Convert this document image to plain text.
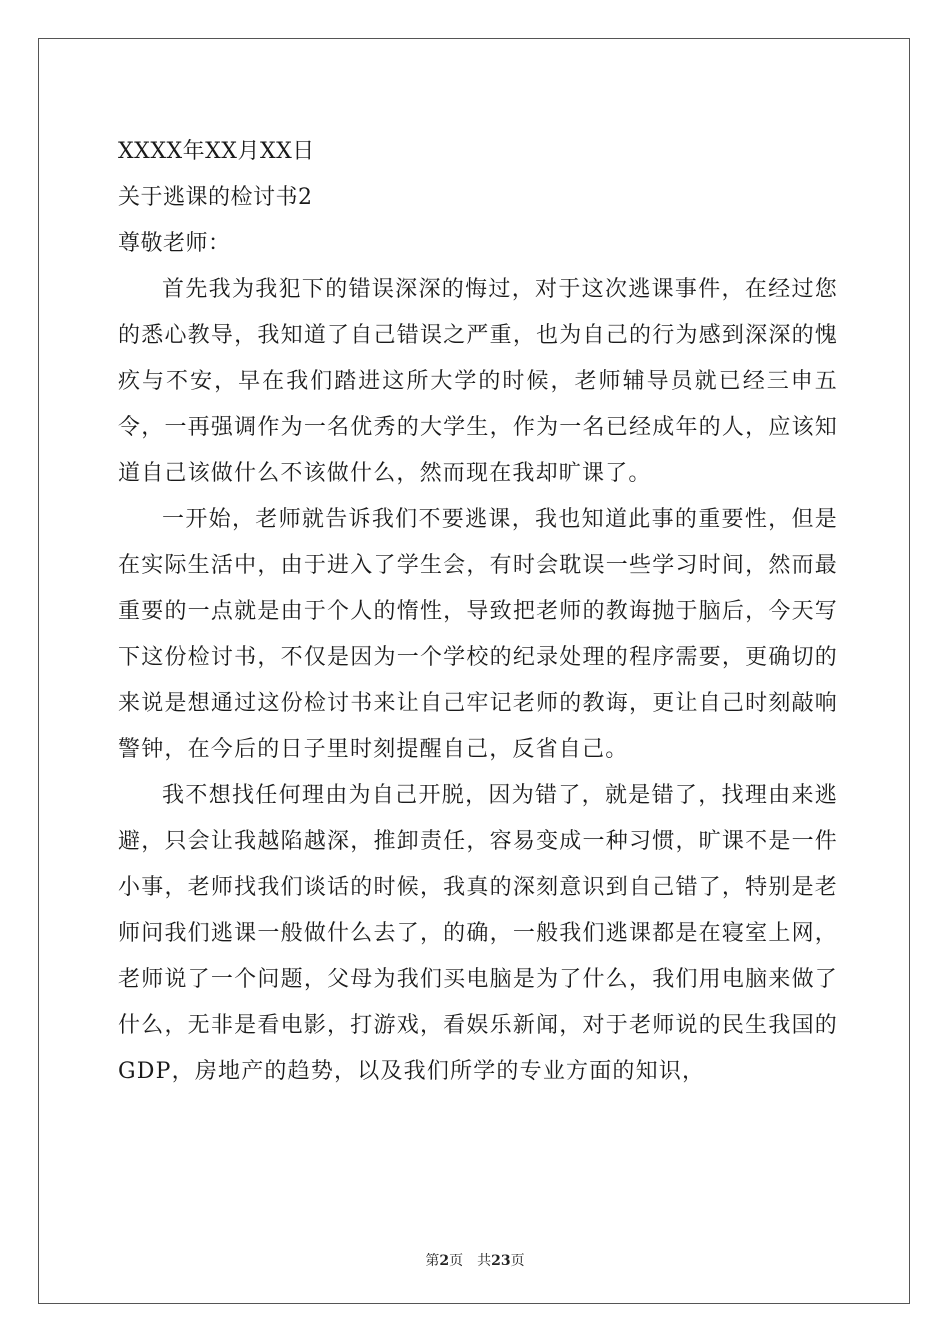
XXXX年XX月XX日
关于逃课的检讨书2
尊敬老师：

首先我为我犯下的错误深深的悔过，对于这次逃课事件，在经过您的悉心教导，我知道了自己错误之严重，也为自己的行为感到深深的愧疚与不安，早在我们踏进这所大学的时候，老师辅导员就已经三申五令，一再强调作为一名优秀的大学生，作为一名已经成年的人，应该知道自己该做什么不该做什么，然而现在我却旷课了。

一开始，老师就告诉我们不要逃课，我也知道此事的重要性，但是在实际生活中，由于进入了学生会，有时会耽误一些学习时间，然而最重要的一点就是由于个人的惰性，导致把老师的教诲抛于脑后，今天写下这份检讨书，不仅是因为一个学校的纪录处理的程序需要，更确切的来说是想通过这份检讨书来让自己牢记老师的教诲，更让自己时刻敲响警钟，在今后的日子里时刻提醒自己，反省自己。

我不想找任何理由为自己开脱，因为错了，就是错了，找理由来逃避，只会让我越陷越深，推卸责任，容易变成一种习惯，旷课不是一件小事，老师找我们谈话的时候，我真的深刻意识到自己错了，特别是老师问我们逃课一般做什么去了，的确，一般我们逃课都是在寝室上网，老师说了一个问题，父母为我们买电脑是为了什么，我们用电脑来做了什么，无非是看电影，打游戏，看娱乐新闻，对于老师说的民生我国的GDP，房地产的趋势，以及我们所学的专业方面的知识，

第2页 共23页
